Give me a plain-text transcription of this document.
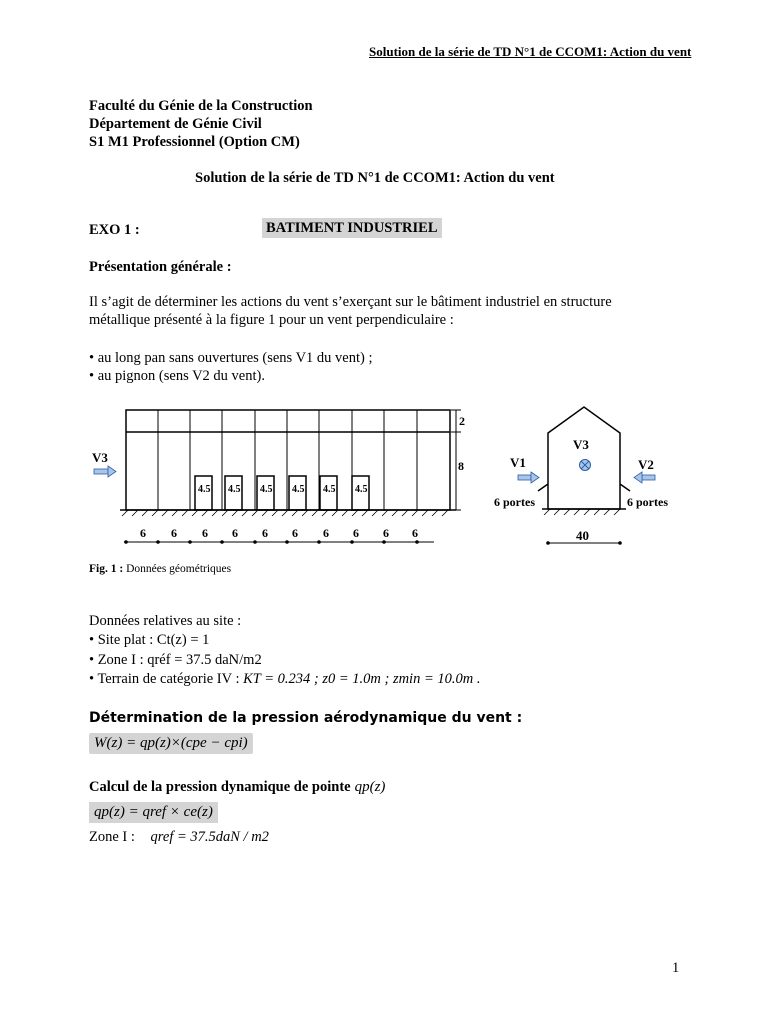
Solution de la série de TD N°1 de CCOM1: Action du vent
Faculté du Génie de la Construction
Département de Génie Civil
S1 M1 Professionnel (Option CM)
Solution de la série de TD N°1 de CCOM1: Action du vent
EXO 1 :	BATIMENT INDUSTRIEL
Présentation générale :
Il s’agit de déterminer les actions du vent s’exerçant sur le bâtiment industriel en structure
métallique présenté à la figure 1 pour un vent perpendiculaire :
• au long pan sans ouvertures (sens V1 du vent) ;
• au pignon (sens V2 du vent).
4.5 4.5 4.5 4.5 4.5 4.5
V3
2
8
6 6 6 6 6 6 6 6 6 6
V3
V1	V2
6 portes	6 portes
40
Fig. 1 : Données géométriques
Données relatives au site :
• Site plat : Ct(z) = 1
• Zone I : qréf = 37.5 daN/m2
• Terrain de catégorie IV : KT = 0.234 ; z0 = 1.0m ; zmin = 10.0m .
Détermination de la pression aérodynamique du vent :
W(z) = qp(z)×(cpe − cpi)
Calcul de la pression dynamique de pointe qp(z)
qp(z) = qref × ce(z)
Zone I : qref = 37.5daN / m2
1
